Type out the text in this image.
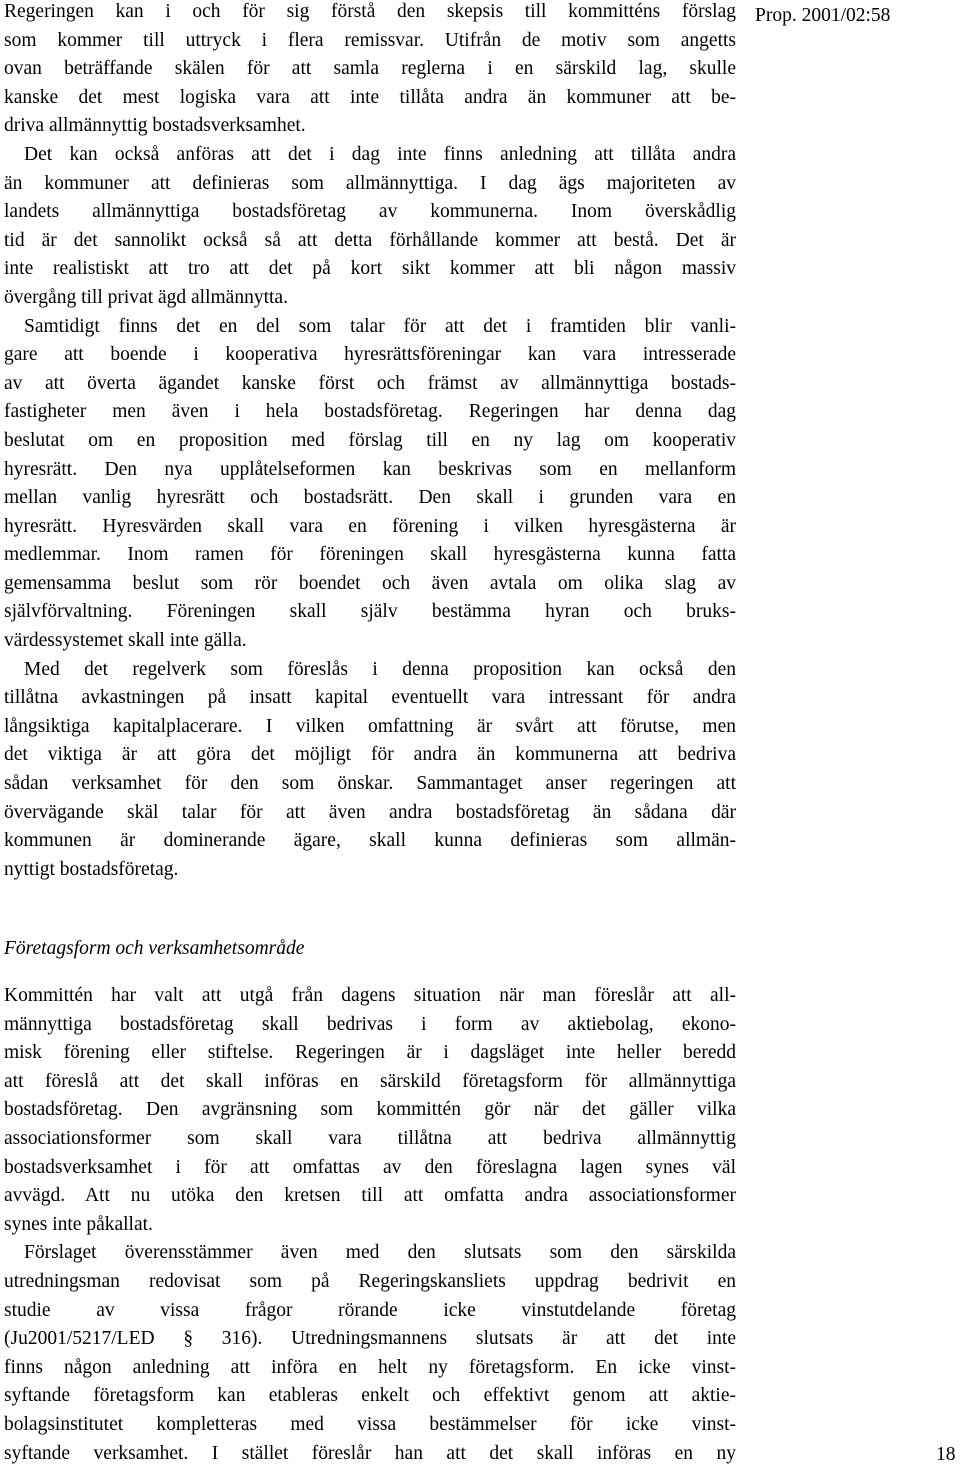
Prop. 2001/02:58
Regeringen kan i och för sig förstå den skepsis till kommitténs förslag
som kommer till uttryck i flera remissvar. Utifrån de motiv som angetts
ovan beträffande skälen för att samla reglerna i en särskild lag, skulle
kanske det mest logiska vara att inte tillåta andra än kommuner att be-
driva allmännyttig bostadsverksamhet.
Det kan också anföras att det i dag inte finns anledning att tillåta andra
än kommuner att definieras som allmännyttiga. I dag ägs majoriteten av
landets allmännyttiga bostadsföretag av kommunerna. Inom överskådlig
tid är det sannolikt också så att detta förhållande kommer att bestå. Det är
inte realistiskt att tro att det på kort sikt kommer att bli någon massiv
övergång till privat ägd allmännytta.
Samtidigt finns det en del som talar för att det i framtiden blir vanli-
gare att boende i kooperativa hyresrättsföreningar kan vara intresserade
av att överta ägandet kanske först och främst av allmännyttiga bostads-
fastigheter men även i hela bostadsföretag. Regeringen har denna dag
beslutat om en proposition med förslag till en ny lag om kooperativ
hyresrätt. Den nya upplåtelseformen kan beskrivas som en mellanform
mellan vanlig hyresrätt och bostadsrätt. Den skall i grunden vara en
hyresrätt. Hyresvärden skall vara en förening i vilken hyresgästerna är
medlemmar. Inom ramen för föreningen skall hyresgästerna kunna fatta
gemensamma beslut som rör boendet och även avtala om olika slag av
självförvaltning. Föreningen skall själv bestämma hyran och bruks-
värdessystemet skall inte gälla.
Med det regelverk som föreslås i denna proposition kan också den
tillåtna avkastningen på insatt kapital eventuellt vara intressant för andra
långsiktiga kapitalplacerare. I vilken omfattning är svårt att förutse, men
det viktiga är att göra det möjligt för andra än kommunerna att bedriva
sådan verksamhet för den som önskar. Sammantaget anser regeringen att
övervägande skäl talar för att även andra bostadsföretag än sådana där
kommunen är dominerande ägare, skall kunna definieras som allmän-
nyttigt bostadsföretag.
Företagsform och verksamhetsområde
Kommittén har valt att utgå från dagens situation när man föreslår att all-
männyttiga bostadsföretag skall bedrivas i form av aktiebolag, ekono-
misk förening eller stiftelse. Regeringen är i dagsläget inte heller beredd
att föreslå att det skall införas en särskild företagsform för allmännyttiga
bostadsföretag. Den avgränsning som kommittén gör när det gäller vilka
associationsformer som skall vara tillåtna att bedriva allmännyttig
bostadsverksamhet i för att omfattas av den föreslagna lagen synes väl
avvägd. Att nu utöka den kretsen till att omfatta andra associationsformer
synes inte påkallat.
Förslaget överensstämmer även med den slutsats som den särskilda
utredningsman redovisat som på Regeringskansliets uppdrag bedrivit en
studie av vissa frågor rörande icke vinstutdelande företag
(Ju2001/5217/LED § 316). Utredningsmannens slutsats är att det inte
finns någon anledning att införa en helt ny företagsform. En icke vinst-
syftande företagsform kan etableras enkelt och effektivt genom att aktie-
bolagsinstitutet kompletteras med vissa bestämmelser för icke vinst-
syftande verksamhet. I stället föreslår han att det skall införas en ny	18
